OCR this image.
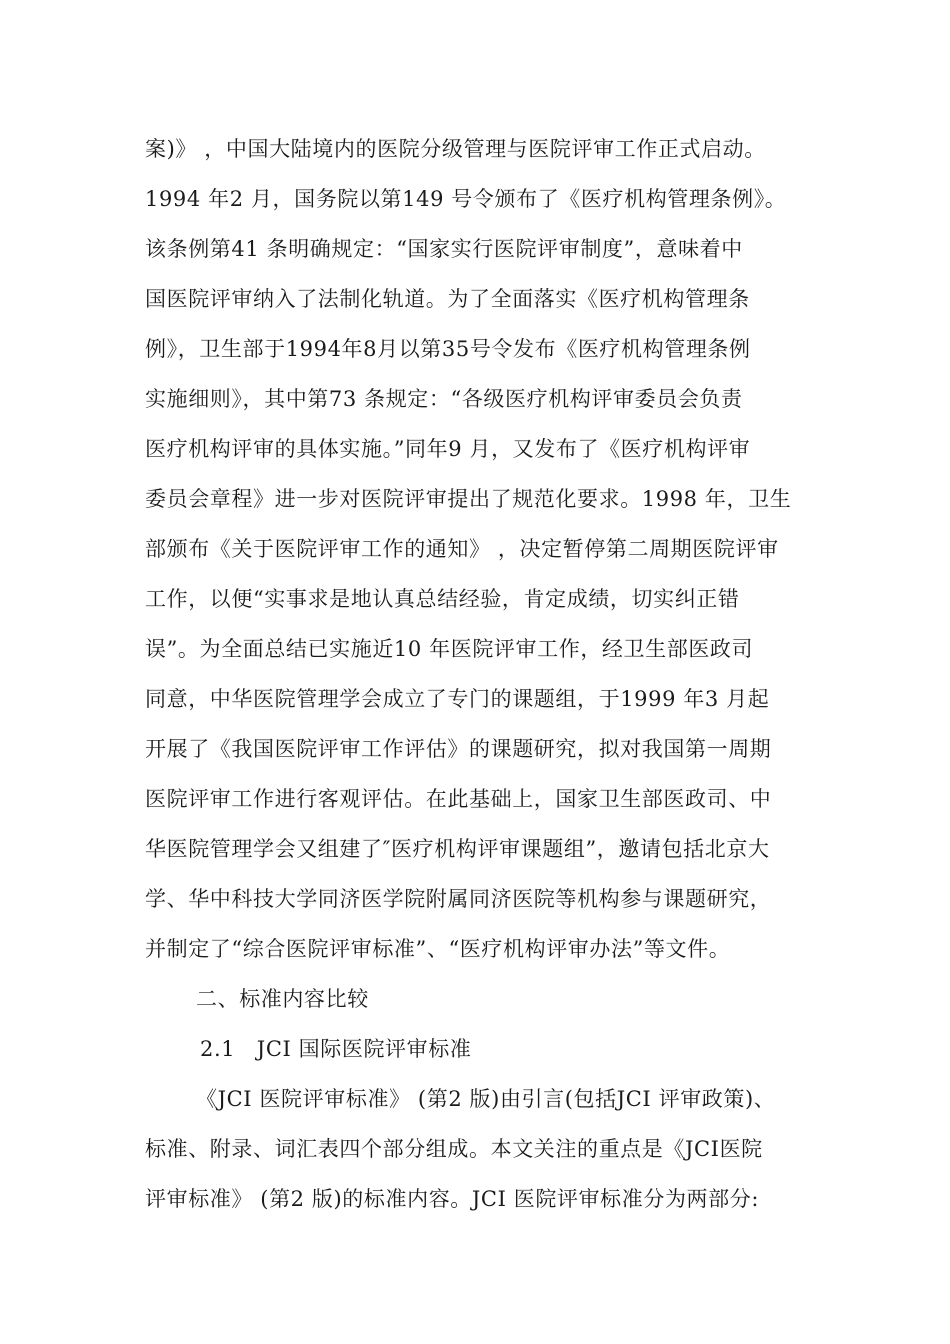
案)》 ，中国大陆境内的医院分级管理与医院评审工作正式启动。
1994 年2 月，国务院以第149 号令颁布了《医疗机构管理条例》。
该条例第41 条明确规定：“国家实行医院评审制度”，意味着中
国医院评审纳入了法制化轨道。为了全面落实《医疗机构管理条
例》，卫生部于1994年8月以第35号令发布《医疗机构管理条例
实施细则》，其中第73 条规定：“各级医疗机构评审委员会负责
医疗机构评审的具体实施。”同年9 月，又发布了《医疗机构评审
委员会章程》进一步对医院评审提出了规范化要求。1998 年，卫生
部颁布《关于医院评审工作的通知》 ，决定暂停第二周期医院评审
工作，以便“实事求是地认真总结经验，肯定成绩，切实纠正错
误”。为全面总结已实施近10 年医院评审工作，经卫生部医政司
同意，中华医院管理学会成立了专门的课题组，于1999 年3 月起
开展了《我国医院评审工作评估》的课题研究，拟对我国第一周期
医院评审工作进行客观评估。在此基础上，国家卫生部医政司、中
华医院管理学会又组建了″医疗机构评审课题组”，邀请包括北京大
学、华中科技大学同济医学院附属同济医院等机构参与课题研究，
并制定了“综合医院评审标准”、“医疗机构评审办法”等文件。
二、标准内容比较
2.1　JCI 国际医院评审标准
《JCI 医院评审标准》 (第2 版)由引言(包括JCI 评审政策)、
标准、附录、词汇表四个部分组成。本文关注的重点是《JCI医院
评审标准》 (第2 版)的标准内容。JCI 医院评审标准分为两部分:
